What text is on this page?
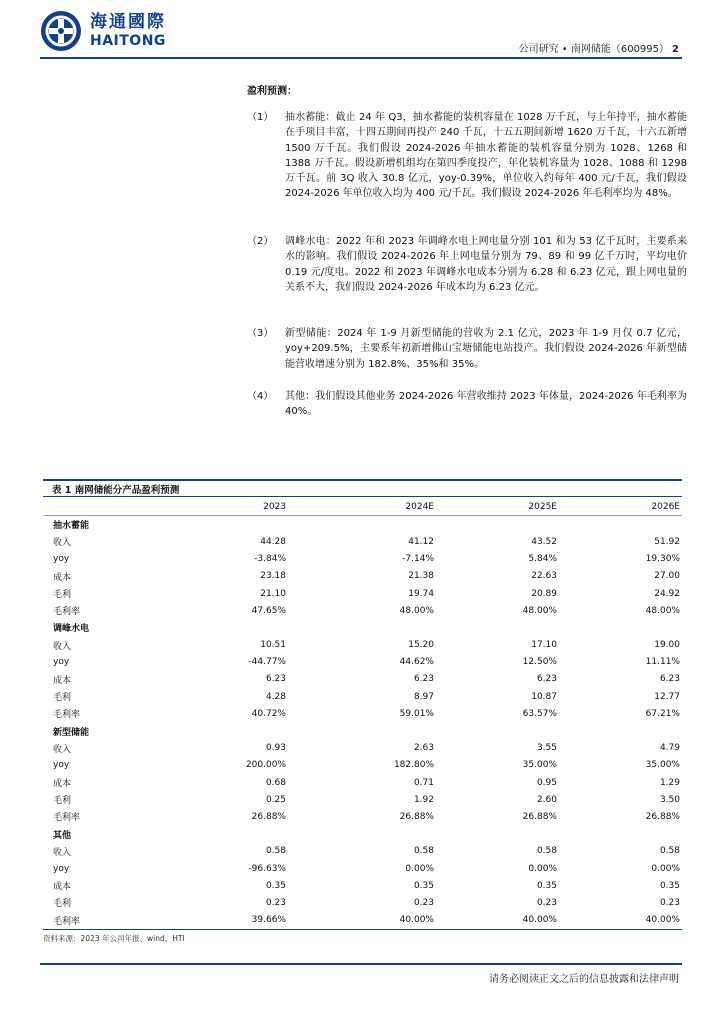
海通國際
HAITONG
公司研究 • 南网储能（600995） 2
盈利预测：
（1） 抽水蓄能：截止 24 年 Q3，抽水蓄能的装机容量在 1028 万千瓦，与上年持平，抽水蓄能在手项目丰富，十四五期间再投产 240 千瓦，十五五期间新增 1620 万千瓦，十六五新增 1500 万千瓦。我们假设 2024-2026 年抽水蓄能的装机容量分别为 1028、1268 和 1388 万千瓦。假设新增机组均在第四季度投产，年化装机容量为 1028、1088 和 1298 万千瓦。前 3Q 收入 30.8 亿元，yoy-0.39%，单位收入约每年 400 元/千瓦，我们假设 2024-2026 年单位收入均为 400 元/千瓦。我们假设 2024-2026 年毛利率均为 48%。
（2） 调峰水电：2022 年和 2023 年调峰水电上网电量分别 101 和为 53 亿千瓦时，主要系来水的影响。我们假设 2024-2026 年上网电量分别为 79、89 和 99 亿千万时，平均电价 0.19 元/度电。2022 和 2023 年调峰水电成本分别为 6.28 和 6.23 亿元，跟上网电量的关系不大，我们假设 2024-2026 年成本均为 6.23 亿元。
（3） 新型储能：2024 年 1-9 月新型储能的营收为 2.1 亿元，2023 年 1-9 月仅 0.7 亿元，yoy+209.5%，主要系年初新增佛山宝塘储能电站投产。我们假设 2024-2026 年新型储能营收增速分别为 182.8%、35%和 35%。
（4） 其他：我们假设其他业务 2024-2026 年营收维持 2023 年体量，2024-2026 年毛利率为 40%。
表 1 南网储能分产品盈利预测
	2023	2024E	2025E	2026E
抽水蓄能				
收入	44.28	41.12	43.52	51.92
yoy	-3.84%	-7.14%	5.84%	19.30%
成本	23.18	21.38	22.63	27.00
毛利	21.10	19.74	20.89	24.92
毛利率	47.65%	48.00%	48.00%	48.00%
调峰水电				
收入	10.51	15.20	17.10	19.00
yoy	-44.77%	44.62%	12.50%	11.11%
成本	6.23	6.23	6.23	6.23
毛利	4.28	8.97	10.87	12.77
毛利率	40.72%	59.01%	63.57%	67.21%
新型储能				
收入	0.93	2.63	3.55	4.79
yoy	200.00%	182.80%	35.00%	35.00%
成本	0.68	0.71	0.95	1.29
毛利	0.25	1.92	2.60	3.50
毛利率	26.88%	26.88%	26.88%	26.88%
其他				
收入	0.58	0.58	0.58	0.58
yoy	-96.63%	0.00%	0.00%	0.00%
成本	0.35	0.35	0.35	0.35
毛利	0.23	0.23	0.23	0.23
毛利率	39.66%	40.00%	40.00%	40.00%
资料来源：2023 年公司年报、wind、HTI
请务必阅读正文之后的信息披露和法律声明
